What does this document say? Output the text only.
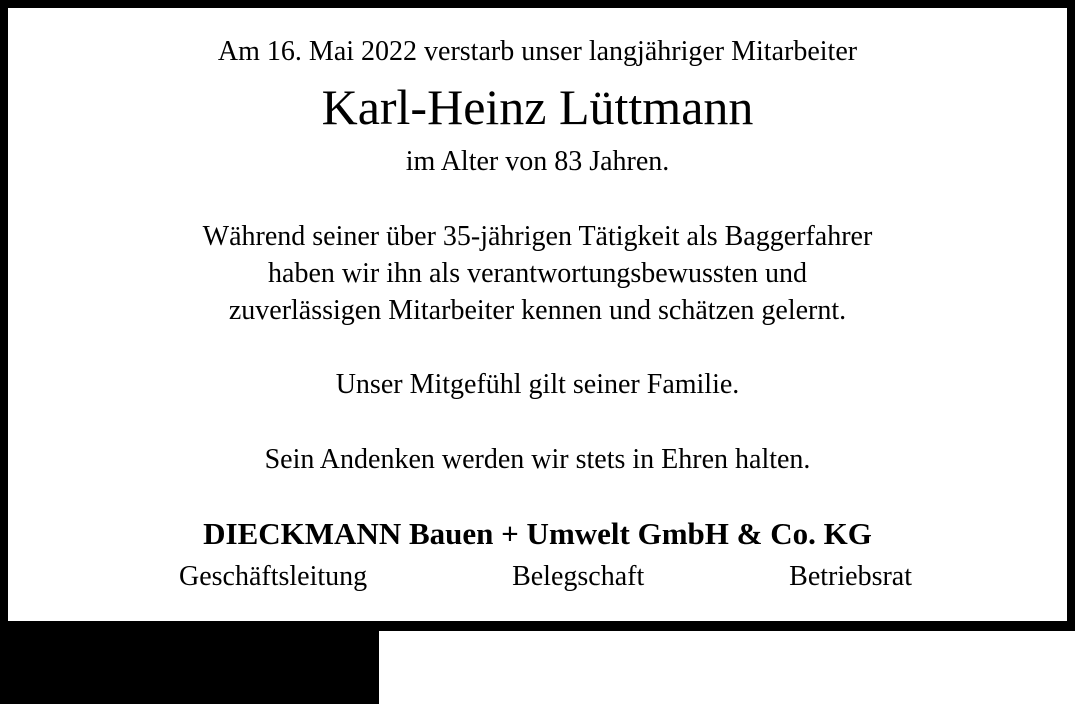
Am 16. Mai 2022 verstarb unser langjähriger Mitarbeiter
Karl-Heinz Lüttmann
im Alter von 83 Jahren.
Während seiner über 35-jährigen Tätigkeit als Baggerfahrer
haben wir ihn als verantwortungsbewussten und
zuverlässigen Mitarbeiter kennen und schätzen gelernt.
Unser Mitgefühl gilt seiner Familie.
Sein Andenken werden wir stets in Ehren halten.
DIECKMANN Bauen + Umwelt GmbH & Co. KG
Geschäftsleitung	Belegschaft	Betriebsrat
